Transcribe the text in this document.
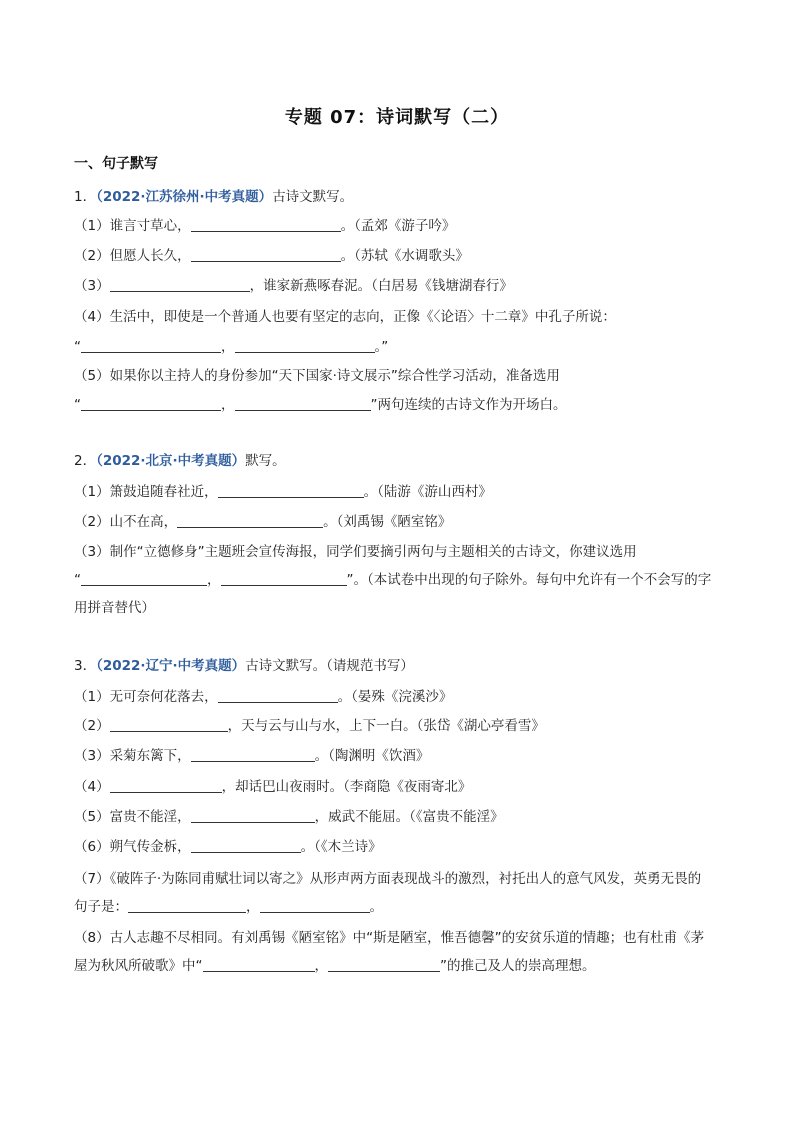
专题 07：诗词默写（二）
一、句子默写
1．（2022·江苏徐州·中考真题）古诗文默写。
（1）谁言寸草心，	。（孟郊《游子吟》
（2）但愿人长久，	。（苏轼《水调歌头》
（3）	，谁家新燕啄春泥。（白居易《钱塘湖春行》
（4）生活中，即使是一个普通人也要有坚定的志向，正像《〈论语〉十二章》中孔子所说：
“	，	。”
（5）如果你以主持人的身份参加“天下国家·诗文展示”综合性学习活动，准备选用
“	，	”两句连续的古诗文作为开场白。
2．（2022·北京·中考真题）默写。
（1）箫鼓追随春社近，	。（陆游《游山西村》
（2）山不在高，	。（刘禹锡《陋室铭》
（3）制作“立德修身”主题班会宣传海报，同学们要摘引两句与主题相关的古诗文，你建议选用
“	，	”。（本试卷中出现的句子除外。每句中允许有一个不会写的字
用拼音替代）
3．（2022·辽宁·中考真题）古诗文默写。（请规范书写）
（1）无可奈何花落去，	。（晏殊《浣溪沙》
（2）	，天与云与山与水，上下一白。（张岱《湖心亭看雪》
（3）采菊东篱下，	。（陶渊明《饮酒》
（4）	，却话巴山夜雨时。（李商隐《夜雨寄北》
（5）富贵不能淫，	，威武不能屈。（《富贵不能淫》
（6）朔气传金柝，	。（《木兰诗》
（7）《破阵子·为陈同甫赋壮词以寄之》从形声两方面表现战斗的激烈，衬托出人的意气风发，英勇无畏的
句子是：	，	。
（8）古人志趣不尽相同。有刘禹锡《陋室铭》中“斯是陋室，惟吾德馨”的安贫乐道的情趣；也有杜甫《茅
屋为秋风所破歌》中“	，	”的推己及人的崇高理想。
